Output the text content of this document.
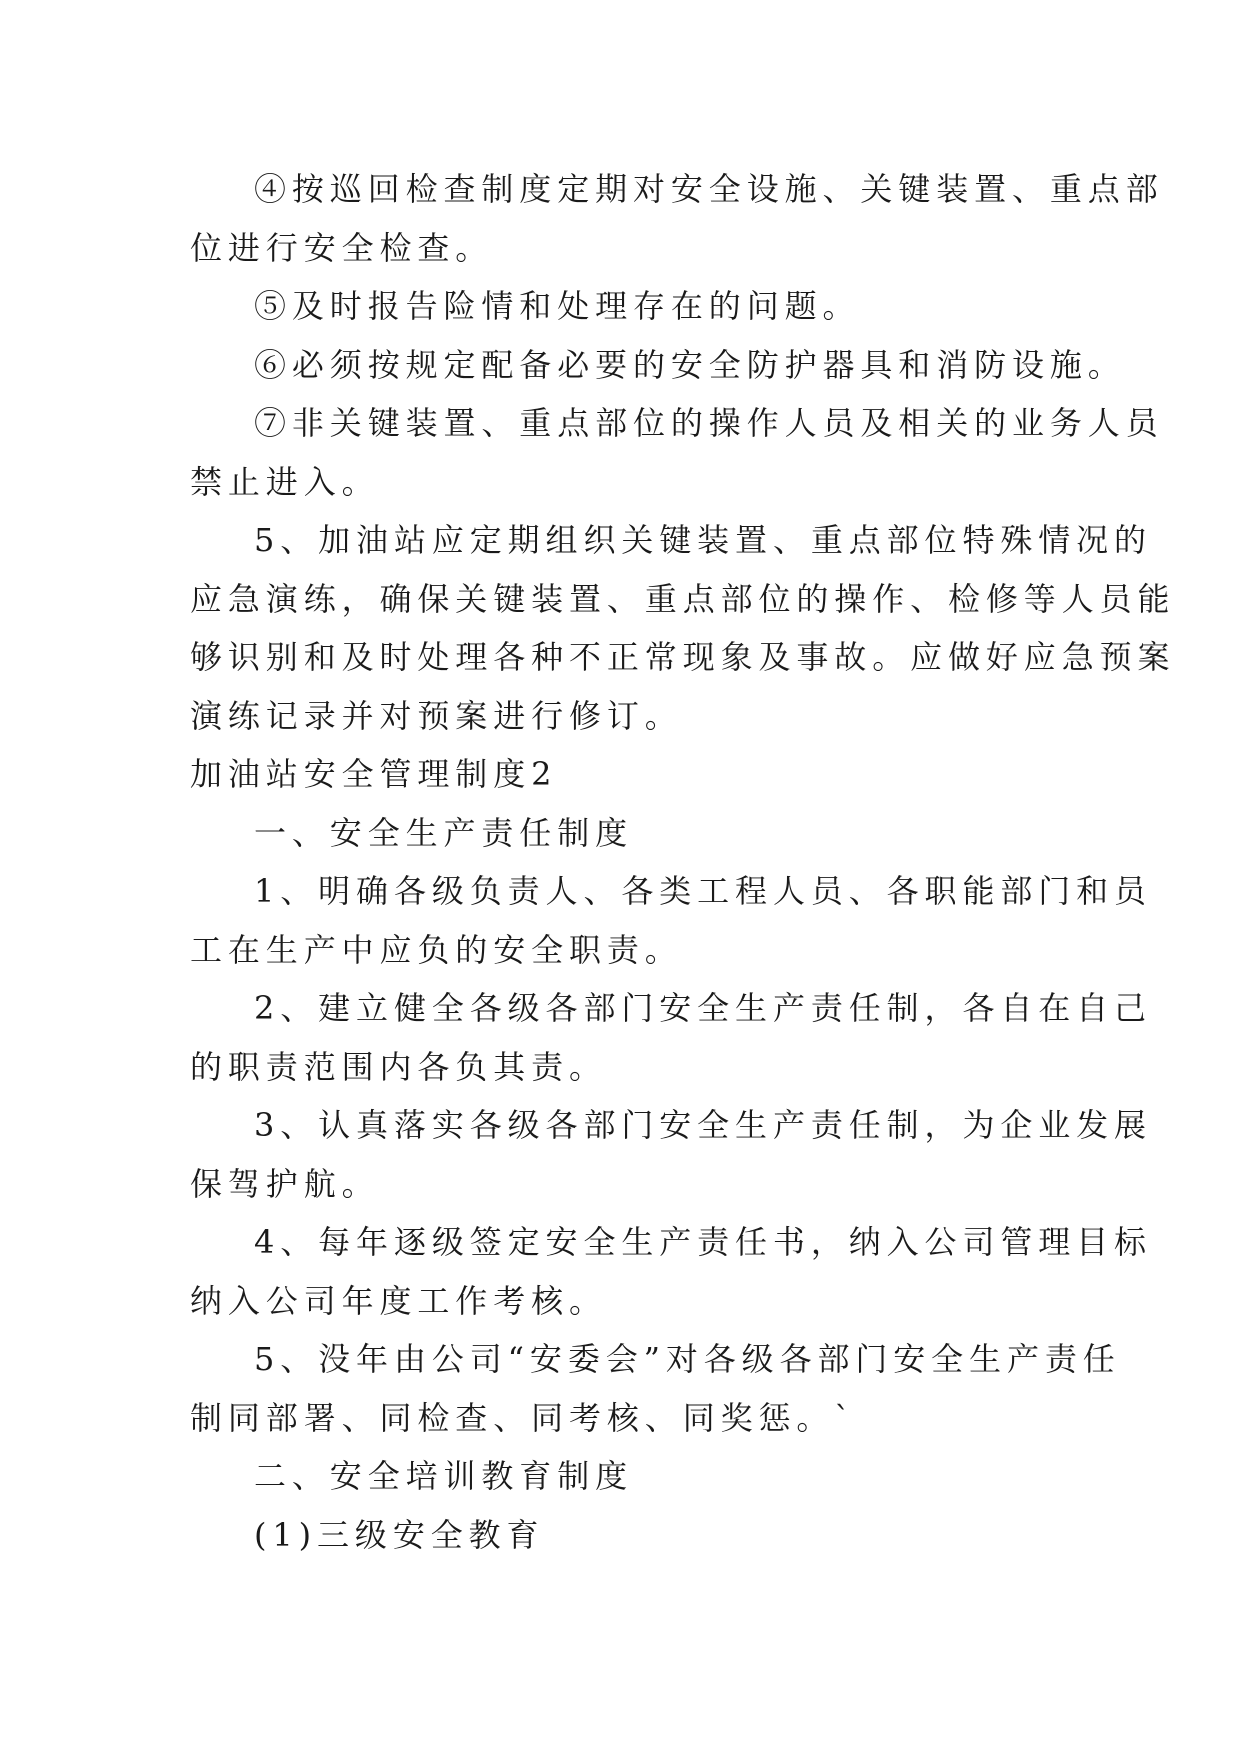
④按巡回检查制度定期对安全设施、关键装置、重点部

位进行安全检查。

⑤及时报告险情和处理存在的问题。

⑥必须按规定配备必要的安全防护器具和消防设施。

⑦非关键装置、重点部位的操作人员及相关的业务人员

禁止进入。

5、加油站应定期组织关键装置、重点部位特殊情况的

应急演练，确保关键装置、重点部位的操作、检修等人员能

够识别和及时处理各种不正常现象及事故。应做好应急预案

演练记录并对预案进行修订。

加油站安全管理制度2

一、安全生产责任制度

1、明确各级负责人、各类工程人员、各职能部门和员

工在生产中应负的安全职责。

2、建立健全各级各部门安全生产责任制，各自在自己

的职责范围内各负其责。

3、认真落实各级各部门安全生产责任制，为企业发展

保驾护航。

4、每年逐级签定安全生产责任书，纳入公司管理目标

纳入公司年度工作考核。

5、没年由公司“安委会”对各级各部门安全生产责任

制同部署、同检查、同考核、同奖惩。`

二、安全培训教育制度

(1)三级安全教育
